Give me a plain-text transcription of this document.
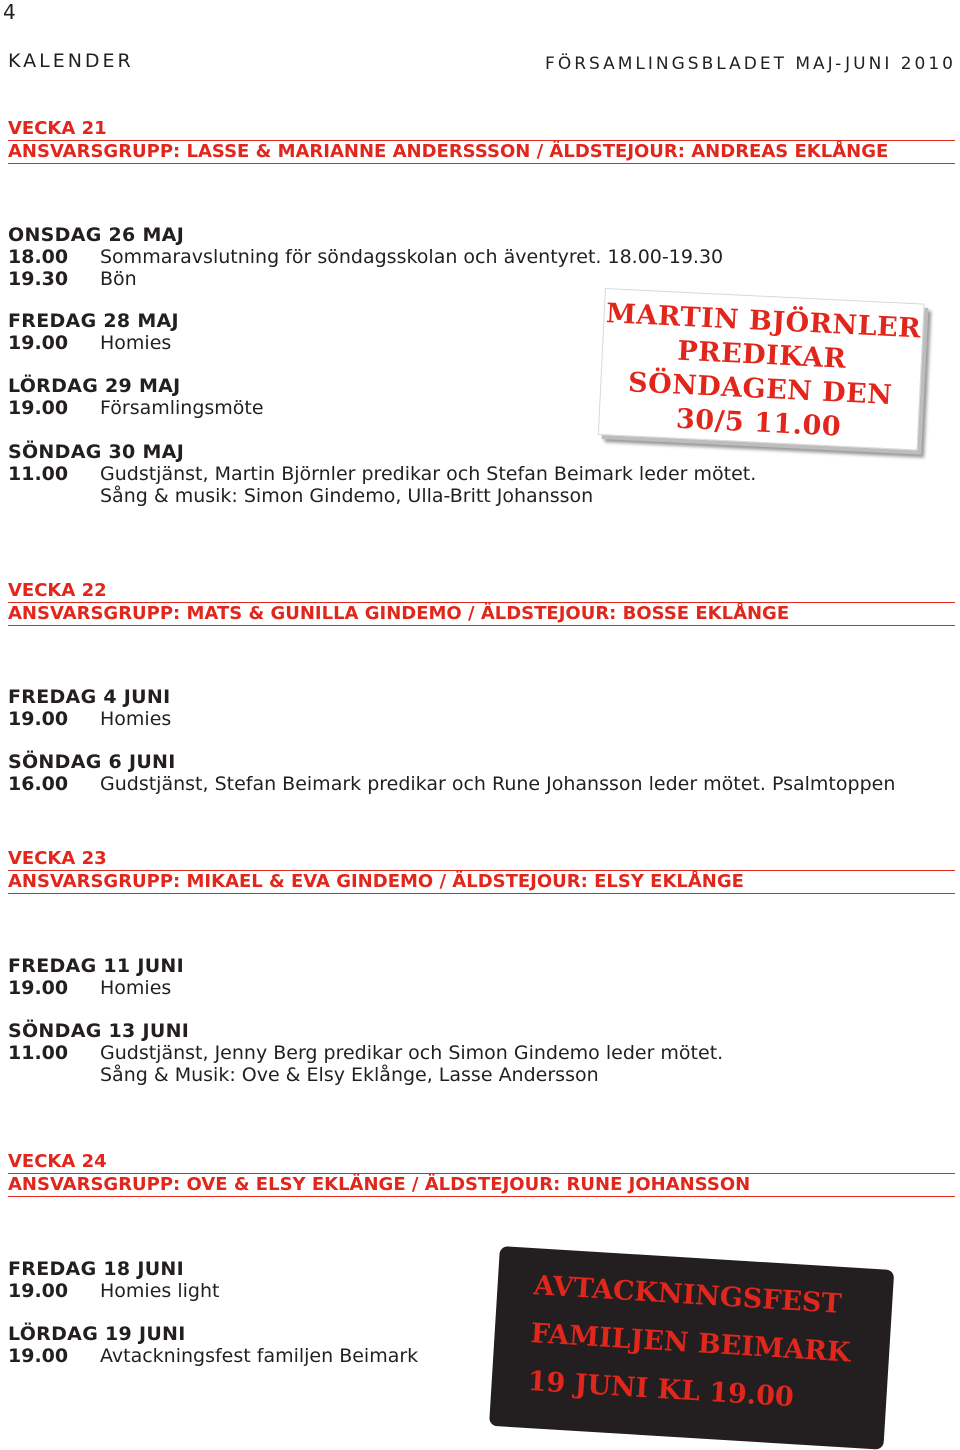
4
KALENDER	FÖRSAMLINGSBLADET MAJ-JUNI 2010
VECKA 21
ANSVARSGRUPP: LASSE & MARIANNE ANDERSSSON / ÄLDSTEJOUR: ANDREAS EKLÅNGE
ONSDAG 26 MAJ
18.00 Sommaravslutning för söndagsskolan och äventyret. 18.00-19.30
19.30 Bön
FREDAG 28 MAJ
19.00 Homies
LÖRDAG 29 MAJ
19.00 Församlingsmöte
SÖNDAG 30 MAJ
11.00 Gudstjänst, Martin Björnler predikar och Stefan Beimark leder mötet.
Sång & musik: Simon Gindemo, Ulla-Britt Johansson
MARTIN BJÖRNLER
PREDIKAR
SÖNDAGEN DEN
30/5 11.00
VECKA 22
ANSVARSGRUPP: MATS & GUNILLA GINDEMO / ÄLDSTEJOUR: BOSSE EKLÅNGE
FREDAG 4 JUNI
19.00 Homies
SÖNDAG 6 JUNI
16.00 Gudstjänst, Stefan Beimark predikar och Rune Johansson leder mötet. Psalmtoppen
VECKA 23
ANSVARSGRUPP: MIKAEL & EVA GINDEMO / ÄLDSTEJOUR: ELSY EKLÅNGE
FREDAG 11 JUNI
19.00 Homies
SÖNDAG 13 JUNI
11.00 Gudstjänst, Jenny Berg predikar och Simon Gindemo leder mötet.
Sång & Musik: Ove & Elsy Eklånge, Lasse Andersson
VECKA 24
ANSVARSGRUPP: OVE & ELSY EKLÄNGE / ÄLDSTEJOUR: RUNE JOHANSSON
FREDAG 18 JUNI
19.00 Homies light
LÖRDAG 19 JUNI
19.00 Avtackningsfest familjen Beimark
AVTACKNINGSFEST
FAMILJEN BEIMARK
19 JUNI KL 19.00
